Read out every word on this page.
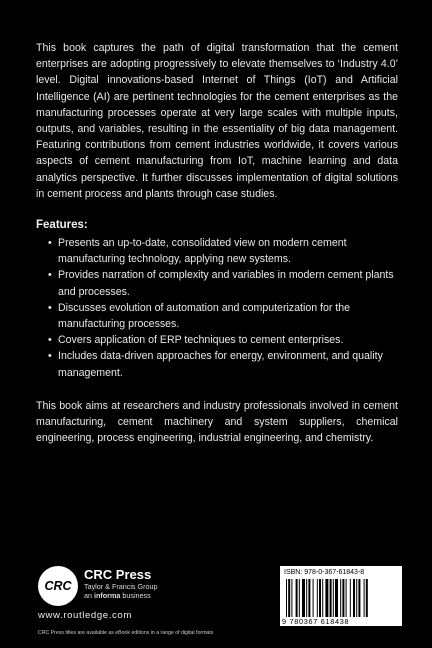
This book captures the path of digital transformation that the cement enterprises are adopting progressively to elevate themselves to ‘Industry 4.0’ level. Digital innovations-based Internet of Things (IoT) and Artificial Intelligence (AI) are pertinent technologies for the cement enterprises as the manufacturing processes operate at very large scales with multiple inputs, outputs, and variables, resulting in the essentiality of big data management. Featuring contributions from cement industries worldwide, it covers various aspects of cement manufacturing from IoT, machine learning and data analytics perspective. It further discusses implementation of digital solutions in cement process and plants through case studies.

Features:
• Presents an up-to-date, consolidated view on modern cement manufacturing technology, applying new systems.
• Provides narration of complexity and variables in modern cement plants and processes.
• Discusses evolution of automation and computerization for the manufacturing processes.
• Covers application of ERP techniques to cement enterprises.
• Includes data-driven approaches for energy, environment, and quality management.

This book aims at researchers and industry professionals involved in cement manufacturing, cement machinery and system suppliers, chemical engineering, process engineering, industrial engineering, and chemistry.

CRC
CRC Press
Taylor & Francis Group
an informa business
www.routledge.com
CRC Press titles are available as eBook editions in a range of digital formats
ISBN: 978-0-367-61843-8
9 780367 618438
